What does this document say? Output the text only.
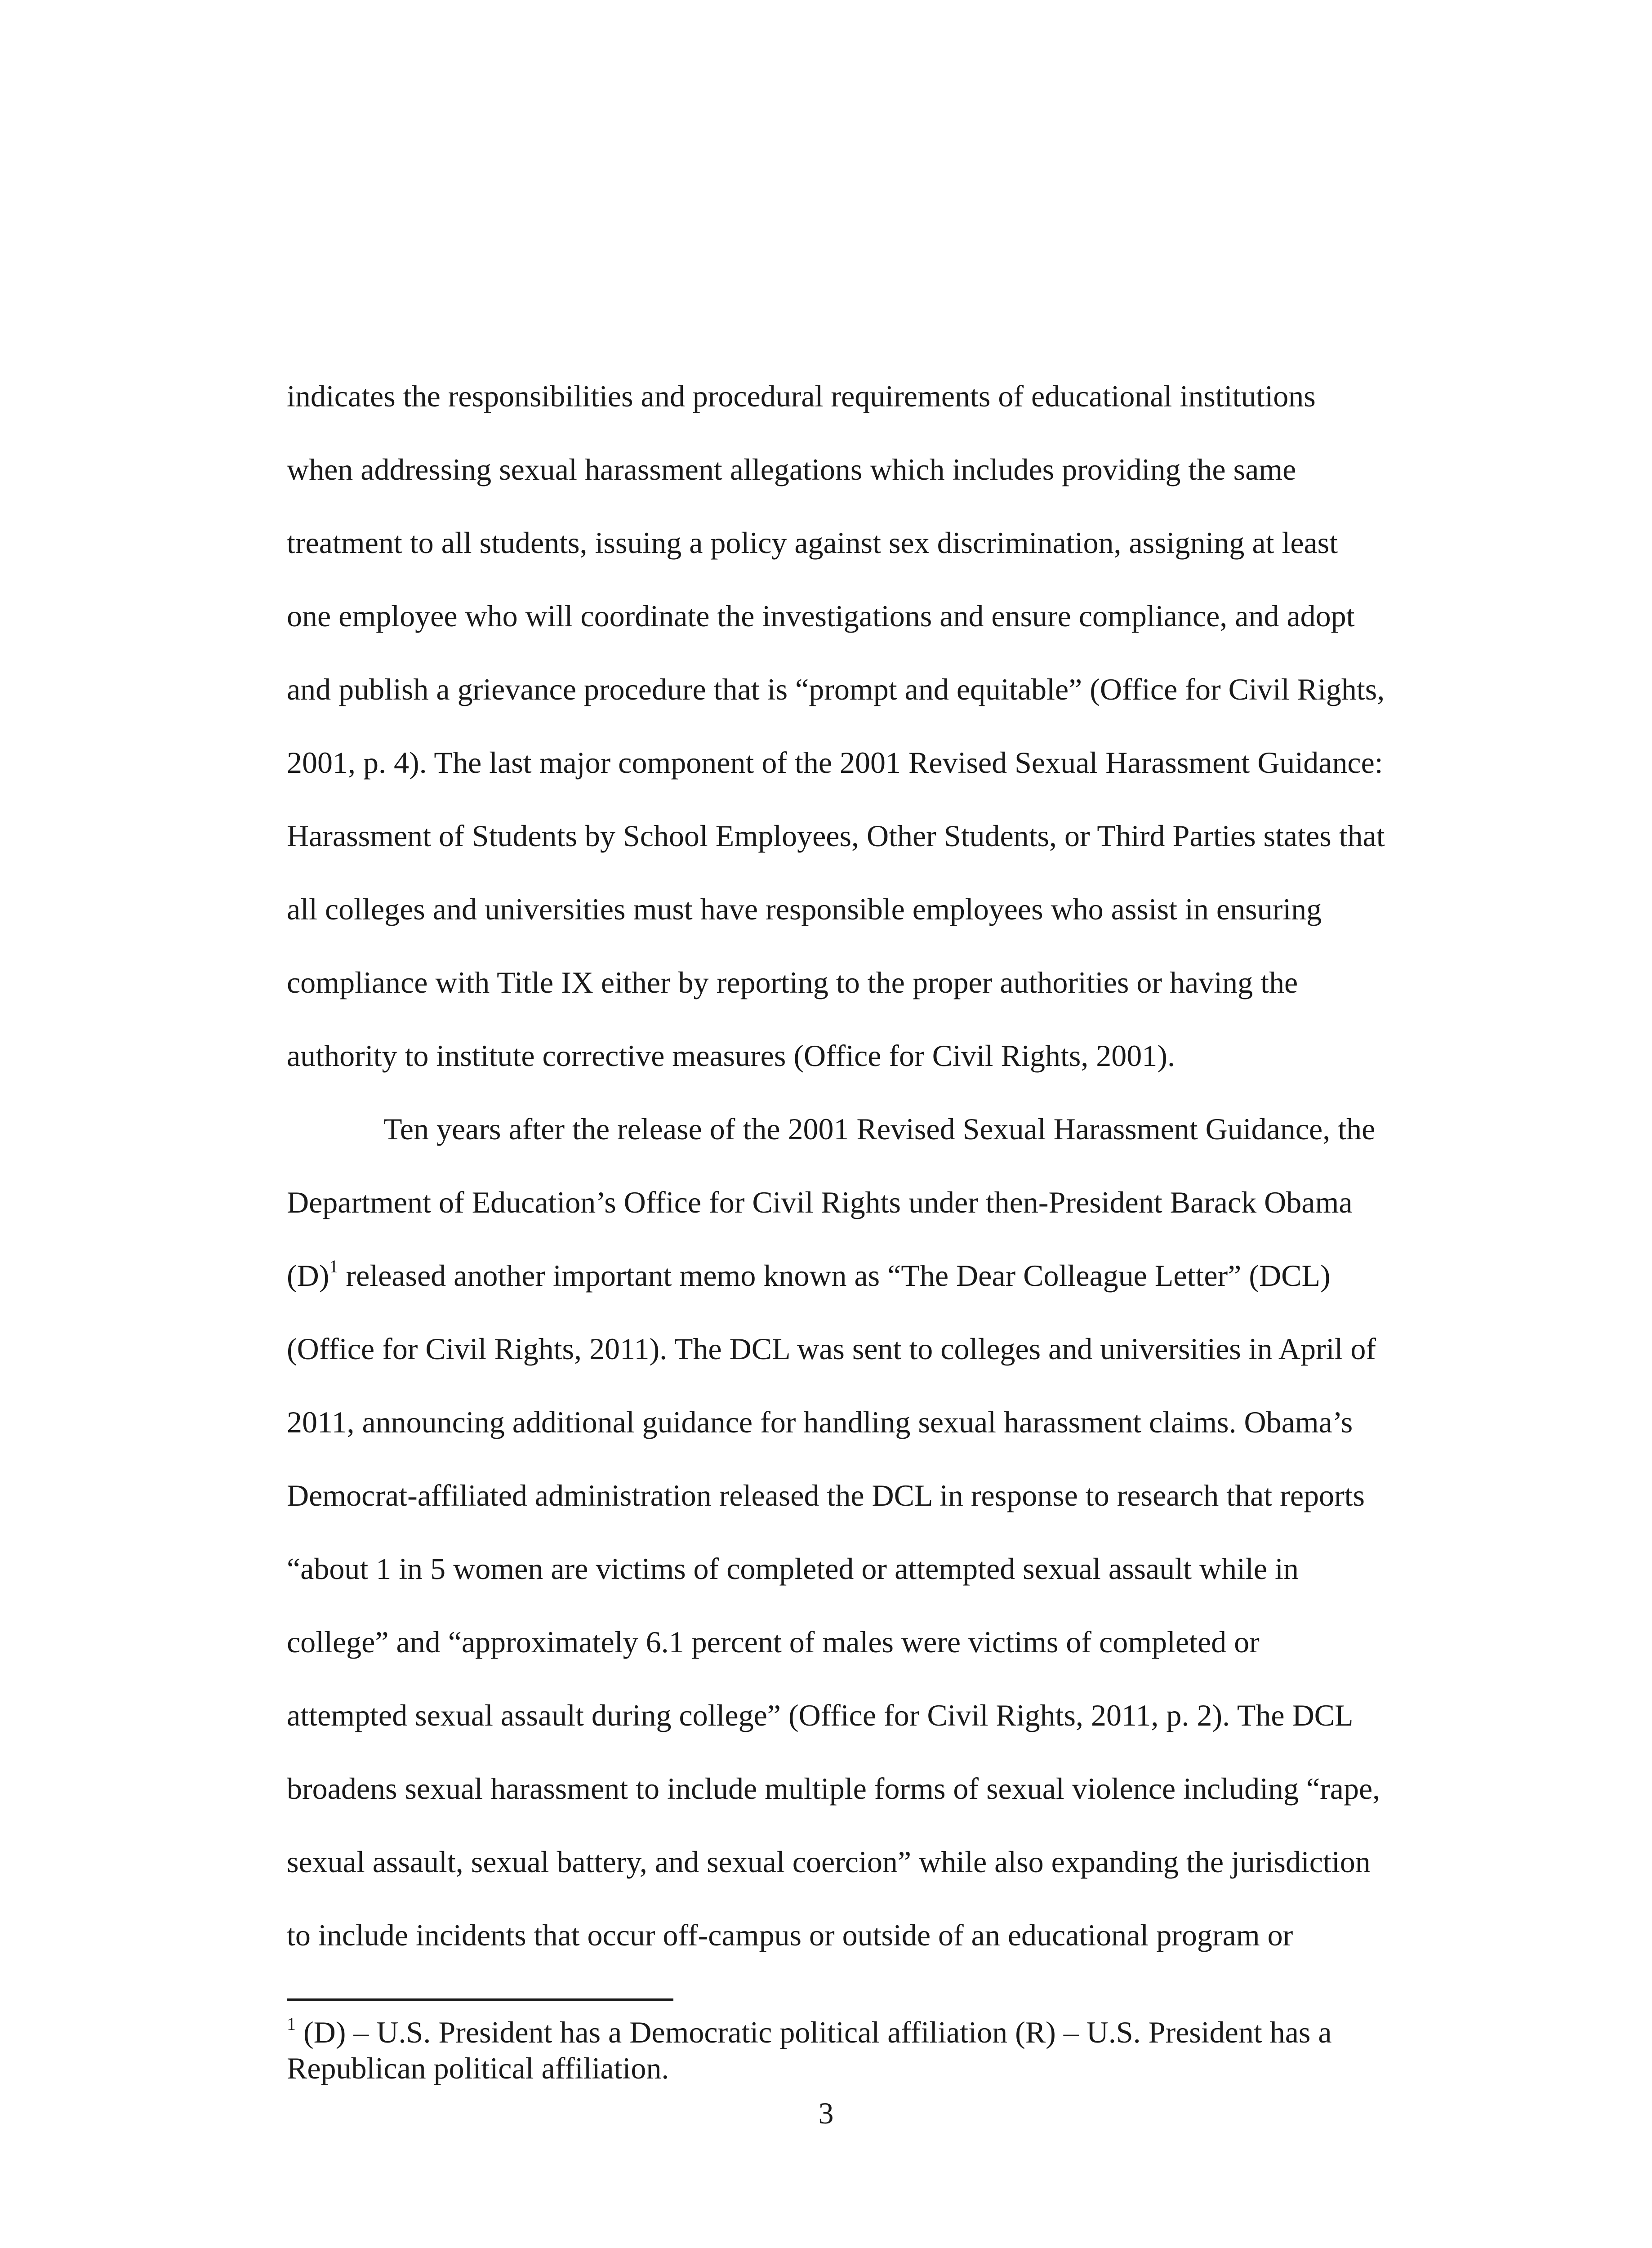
indicates the responsibilities and procedural requirements of educational institutions
when addressing sexual harassment allegations which includes providing the same
treatment to all students, issuing a policy against sex discrimination, assigning at least
one employee who will coordinate the investigations and ensure compliance, and adopt
and publish a grievance procedure that is “prompt and equitable” (Office for Civil Rights,
2001, p. 4). The last major component of the 2001 Revised Sexual Harassment Guidance:
Harassment of Students by School Employees, Other Students, or Third Parties states that
all colleges and universities must have responsible employees who assist in ensuring
compliance with Title IX either by reporting to the proper authorities or having the
authority to institute corrective measures (Office for Civil Rights, 2001).
Ten years after the release of the 2001 Revised Sexual Harassment Guidance, the
Department of Education’s Office for Civil Rights under then-President Barack Obama
(D)$^1$ released another important memo known as “The Dear Colleague Letter” (DCL)
(Office for Civil Rights, 2011). The DCL was sent to colleges and universities in April of
2011, announcing additional guidance for handling sexual harassment claims. Obama’s
Democrat-affiliated administration released the DCL in response to research that reports
“about 1 in 5 women are victims of completed or attempted sexual assault while in
college” and “approximately 6.1 percent of males were victims of completed or
attempted sexual assault during college” (Office for Civil Rights, 2011, p. 2). The DCL
broadens sexual harassment to include multiple forms of sexual violence including “rape,
sexual assault, sexual battery, and sexual coercion” while also expanding the jurisdiction
to include incidents that occur off-campus or outside of an educational program or
$^1$ (D) – U.S. President has a Democratic political affiliation (R) – U.S. President has a
Republican political affiliation.
3
